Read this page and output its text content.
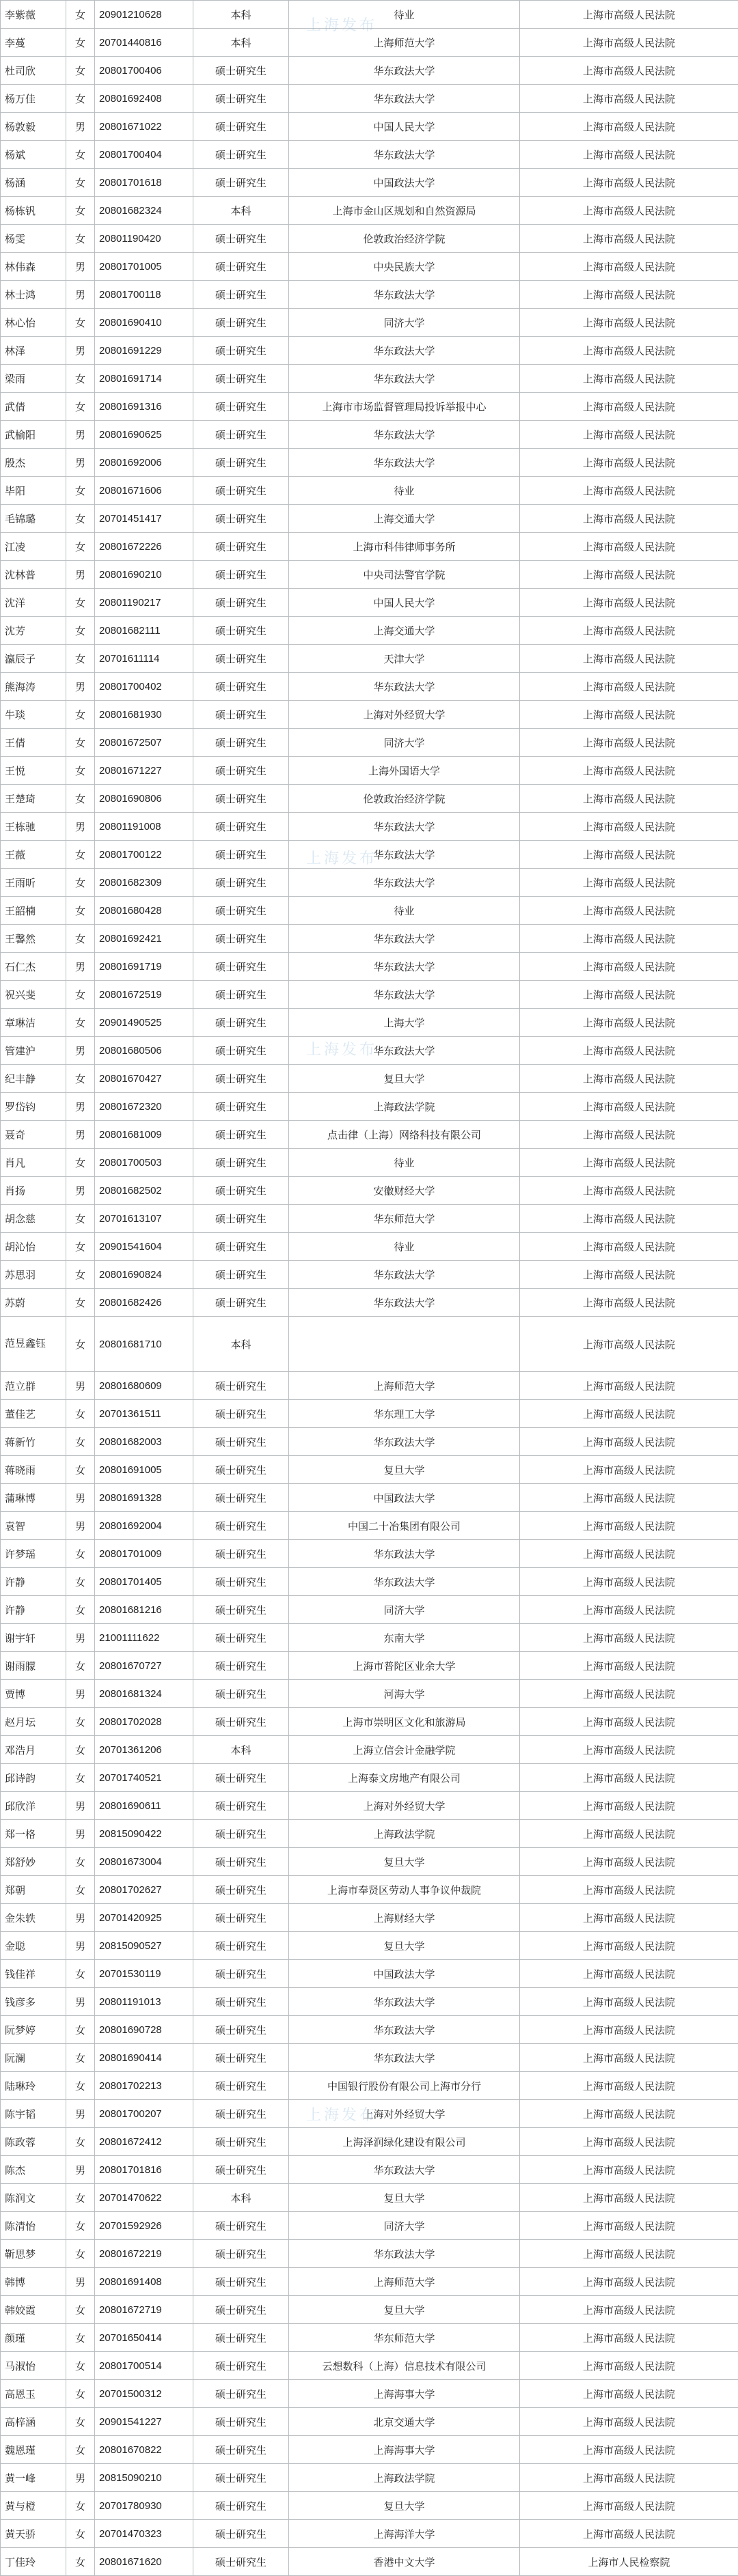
李紫薇	女	20901210628	本科	待业	上海市高级人民法院
李蔓	女	20701440816	本科	上海师范大学	上海市高级人民法院
杜司欣	女	20801700406	硕士研究生	华东政法大学	上海市高级人民法院
杨万佳	女	20801692408	硕士研究生	华东政法大学	上海市高级人民法院
杨敦毅	男	20801671022	硕士研究生	中国人民大学	上海市高级人民法院
杨斌	女	20801700404	硕士研究生	华东政法大学	上海市高级人民法院
杨涵	女	20801701618	硕士研究生	中国政法大学	上海市高级人民法院
杨栋钒	女	20801682324	本科	上海市金山区规划和自然资源局	上海市高级人民法院
杨雯	女	20801190420	硕士研究生	伦敦政治经济学院	上海市高级人民法院
林伟森	男	20801701005	硕士研究生	中央民族大学	上海市高级人民法院
林士鸿	男	20801700118	硕士研究生	华东政法大学	上海市高级人民法院
林心怡	女	20801690410	硕士研究生	同济大学	上海市高级人民法院
林泽	男	20801691229	硕士研究生	华东政法大学	上海市高级人民法院
梁雨	女	20801691714	硕士研究生	华东政法大学	上海市高级人民法院
武倩	女	20801691316	硕士研究生	上海市市场监督管理局投诉举报中心	上海市高级人民法院
武榆阳	男	20801690625	硕士研究生	华东政法大学	上海市高级人民法院
殷杰	男	20801692006	硕士研究生	华东政法大学	上海市高级人民法院
毕阳	女	20801671606	硕士研究生	待业	上海市高级人民法院
毛锦璐	女	20701451417	硕士研究生	上海交通大学	上海市高级人民法院
江凌	女	20801672226	硕士研究生	上海市科伟律师事务所	上海市高级人民法院
沈林普	男	20801690210	硕士研究生	中央司法警官学院	上海市高级人民法院
沈洋	女	20801190217	硕士研究生	中国人民大学	上海市高级人民法院
沈芳	女	20801682111	硕士研究生	上海交通大学	上海市高级人民法院
瀛辰子	女	20701611114	硕士研究生	天津大学	上海市高级人民法院
熊海涛	男	20801700402	硕士研究生	华东政法大学	上海市高级人民法院
牛琰	女	20801681930	硕士研究生	上海对外经贸大学	上海市高级人民法院
王倩	女	20801672507	硕士研究生	同济大学	上海市高级人民法院
王悦	女	20801671227	硕士研究生	上海外国语大学	上海市高级人民法院
王楚琦	女	20801690806	硕士研究生	伦敦政治经济学院	上海市高级人民法院
王栋驰	男	20801191008	硕士研究生	华东政法大学	上海市高级人民法院
王薇	女	20801700122	硕士研究生	华东政法大学	上海市高级人民法院
王雨昕	女	20801682309	硕士研究生	华东政法大学	上海市高级人民法院
王韶楠	女	20801680428	硕士研究生	待业	上海市高级人民法院
王馨然	女	20801692421	硕士研究生	华东政法大学	上海市高级人民法院
石仁杰	男	20801691719	硕士研究生	华东政法大学	上海市高级人民法院
祝兴斐	女	20801672519	硕士研究生	华东政法大学	上海市高级人民法院
章琳洁	女	20901490525	硕士研究生	上海大学	上海市高级人民法院
管建沪	男	20801680506	硕士研究生	华东政法大学	上海市高级人民法院
纪丰静	女	20801670427	硕士研究生	复旦大学	上海市高级人民法院
罗岱钧	男	20801672320	硕士研究生	上海政法学院	上海市高级人民法院
聂奇	男	20801681009	硕士研究生	点击律（上海）网络科技有限公司	上海市高级人民法院
肖凡	女	20801700503	硕士研究生	待业	上海市高级人民法院
肖扬	男	20801682502	硕士研究生	安徽财经大学	上海市高级人民法院
胡念慈	女	20701613107	硕士研究生	华东师范大学	上海市高级人民法院
胡沁怡	女	20901541604	硕士研究生	待业	上海市高级人民法院
苏思羽	女	20801690824	硕士研究生	华东政法大学	上海市高级人民法院
苏蔚	女	20801682426	硕士研究生	华东政法大学	上海市高级人民法院
范昱鑫钰	女	20801681710	本科		上海市高级人民法院
范立群	男	20801680609	硕士研究生	上海师范大学	上海市高级人民法院
董佳艺	女	20701361511	硕士研究生	华东理工大学	上海市高级人民法院
蒋新竹	女	20801682003	硕士研究生	华东政法大学	上海市高级人民法院
蒋晓雨	女	20801691005	硕士研究生	复旦大学	上海市高级人民法院
蒲琳博	男	20801691328	硕士研究生	中国政法大学	上海市高级人民法院
袁智	男	20801692004	硕士研究生	中国二十冶集团有限公司	上海市高级人民法院
许梦瑶	女	20801701009	硕士研究生	华东政法大学	上海市高级人民法院
许静	女	20801701405	硕士研究生	华东政法大学	上海市高级人民法院
许静	女	20801681216	硕士研究生	同济大学	上海市高级人民法院
谢宇轩	男	21001111622	硕士研究生	东南大学	上海市高级人民法院
谢雨朦	女	20801670727	硕士研究生	上海市普陀区业余大学	上海市高级人民法院
贾博	男	20801681324	硕士研究生	河海大学	上海市高级人民法院
赵月坛	女	20801702028	硕士研究生	上海市崇明区文化和旅游局	上海市高级人民法院
邓浩月	女	20701361206	本科	上海立信会计金融学院	上海市高级人民法院
邱诗韵	女	20701740521	硕士研究生	上海泰文房地产有限公司	上海市高级人民法院
邱欣洋	男	20801690611	硕士研究生	上海对外经贸大学	上海市高级人民法院
郑一格	男	20815090422	硕士研究生	上海政法学院	上海市高级人民法院
郑舒妙	女	20801673004	硕士研究生	复旦大学	上海市高级人民法院
郑朝	女	20801702627	硕士研究生	上海市奉贤区劳动人事争议仲裁院	上海市高级人民法院
金朱轶	男	20701420925	硕士研究生	上海财经大学	上海市高级人民法院
金聪	男	20815090527	硕士研究生	复旦大学	上海市高级人民法院
钱佳祥	女	20701530119	硕士研究生	中国政法大学	上海市高级人民法院
钱彦多	男	20801191013	硕士研究生	华东政法大学	上海市高级人民法院
阮梦婷	女	20801690728	硕士研究生	华东政法大学	上海市高级人民法院
阮澜	女	20801690414	硕士研究生	华东政法大学	上海市高级人民法院
陆琳玲	女	20801702213	硕士研究生	中国银行股份有限公司上海市分行	上海市高级人民法院
陈宇韬	男	20801700207	硕士研究生	上海对外经贸大学	上海市高级人民法院
陈政蓉	女	20801672412	硕士研究生	上海泽润绿化建设有限公司	上海市高级人民法院
陈杰	男	20801701816	硕士研究生	华东政法大学	上海市高级人民法院
陈润文	女	20701470622	本科	复旦大学	上海市高级人民法院
陈清怡	女	20701592926	硕士研究生	同济大学	上海市高级人民法院
靳思梦	女	20801672219	硕士研究生	华东政法大学	上海市高级人民法院
韩博	男	20801691408	硕士研究生	上海师范大学	上海市高级人民法院
韩姣霞	女	20801672719	硕士研究生	复旦大学	上海市高级人民法院
颜瑾	女	20701650414	硕士研究生	华东师范大学	上海市高级人民法院
马淑怡	女	20801700514	硕士研究生	云想数科（上海）信息技术有限公司	上海市高级人民法院
高恩玉	女	20701500312	硕士研究生	上海海事大学	上海市高级人民法院
高梓涵	女	20901541227	硕士研究生	北京交通大学	上海市高级人民法院
魏恩瑾	女	20801670822	硕士研究生	上海海事大学	上海市高级人民法院
黄一峰	男	20815090210	硕士研究生	上海政法学院	上海市高级人民法院
黄与橙	女	20701780930	硕士研究生	复旦大学	上海市高级人民法院
黄天骄	女	20701470323	硕士研究生	上海海洋大学	上海市高级人民法院
丁佳玲	女	20801671620	硕士研究生	香港中文大学	上海市人民检察院
上海发布
上海发布
上海发布
上海发布
